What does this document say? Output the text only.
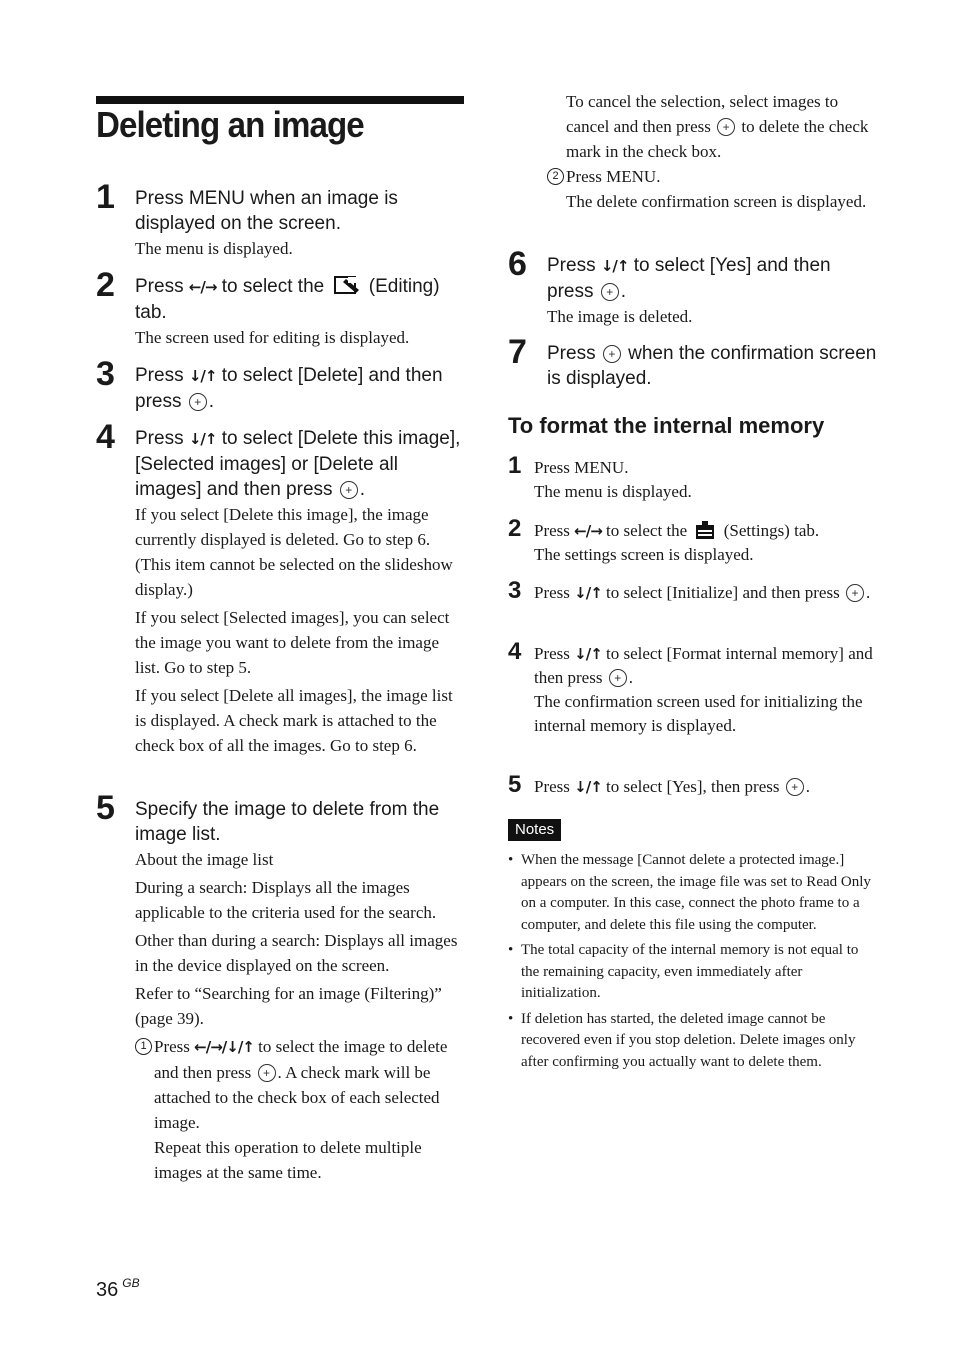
Deleting an image
1 Press MENU when an image is displayed on the screen.

The menu is displayed.

2 Press ←/→ to select the  (Editing) tab.

The screen used for editing is displayed.

3 Press ↓/↑ to select [Delete] and then press +.
4 Press ↓/↑ to select [Delete this image], [Selected images] or [Delete all images] and then press +.

If you select [Delete this image], the image currently displayed is deleted. Go to step 6. (This item cannot be selected on the slideshow display.)

If you select [Selected images], you can select the image you want to delete from the image list. Go to step 5.

If you select [Delete all images], the image list is displayed. A check mark is attached to the check box of all the images. Go to step 6.

5 Specify the image to delete from the image list.

About the image list

During a search: Displays all the images applicable to the criteria used for the search.

Other than during a search: Displays all images in the device displayed on the screen.

Refer to “Searching for an image (Filtering)” (page 39).

1 Press ←/→/↓/↑ to select the image to delete and then press +. A check mark will be attached to the check box of each selected image.
Repeat this operation to delete multiple images at the same time.
To cancel the selection, select images to cancel and then press + to delete the check mark in the check box.
2 Press MENU.
The delete confirmation screen is displayed.
6 Press ↓/↑ to select [Yes] and then press +.

The image is deleted.

7 Press + when the confirmation screen is displayed.
To format the internal memory
1 Press MENU.

The menu is displayed.

2 Press ←/→ to select the  (Settings) tab.

The settings screen is displayed.

3 Press ↓/↑ to select [Initialize] and then press +.

4 Press ↓/↑ to select [Format internal memory] and then press +.

The confirmation screen used for initializing the internal memory is displayed.

5 Press ↓/↑ to select [Yes], then press +.

Notes
• When the message [Cannot delete a protected image.] appears on the screen, the image file was set to Read Only on a computer. In this case, connect the photo frame to a computer, and delete this file using the computer.
• The total capacity of the internal memory is not equal to the remaining capacity, even immediately after initialization.
• If deletion has started, the deleted image cannot be recovered even if you stop deletion. Delete images only after confirming you actually want to delete them.
36 $^{GB}$
